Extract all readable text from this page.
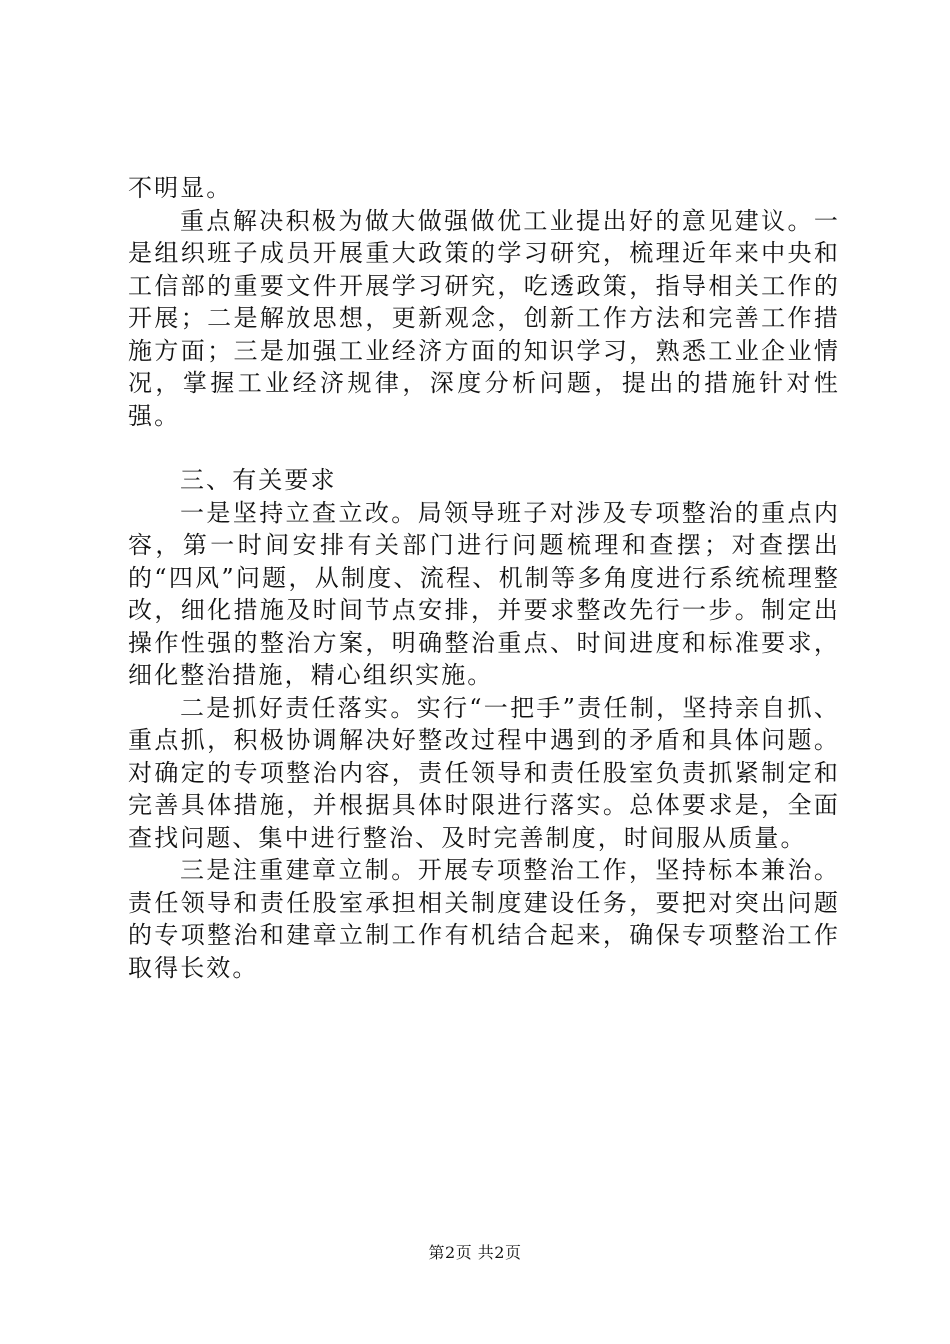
不明显。

重点解决积极为做大做强做优工业提出好的意见建议。一是组织班子成员开展重大政策的学习研究，梳理近年来中央和工信部的重要文件开展学习研究，吃透政策，指导相关工作的开展；二是解放思想，更新观念，创新工作方法和完善工作措施方面；三是加强工业经济方面的知识学习，熟悉工业企业情况，掌握工业经济规律，深度分析问题，提出的措施针对性强。

三、有关要求

一是坚持立查立改。局领导班子对涉及专项整治的重点内容，第一时间安排有关部门进行问题梳理和查摆；对查摆出的“四风”问题，从制度、流程、机制等多角度进行系统梳理整改，细化措施及时间节点安排，并要求整改先行一步。制定出操作性强的整治方案，明确整治重点、时间进度和标准要求，细化整治措施，精心组织实施。

二是抓好责任落实。实行“一把手”责任制，坚持亲自抓、重点抓，积极协调解决好整改过程中遇到的矛盾和具体问题。对确定的专项整治内容，责任领导和责任股室负责抓紧制定和完善具体措施，并根据具体时限进行落实。总体要求是，全面查找问题、集中进行整治、及时完善制度，时间服从质量。

三是注重建章立制。开展专项整治工作，坚持标本兼治。责任领导和责任股室承担相关制度建设任务，要把对突出问题的专项整治和建章立制工作有机结合起来，确保专项整治工作取得长效。

第2页 共2页
